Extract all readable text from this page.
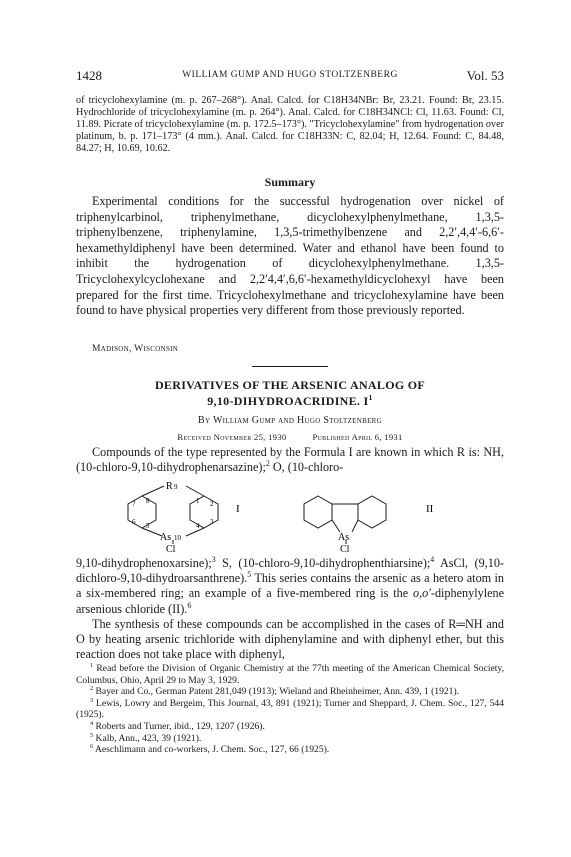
1428	WILLIAM GUMP AND HUGO STOLTZENBERG	Vol. 53
of tricyclohexylamine (m. p. 267–268°). Anal. Calcd. for C18H34NBr: Br, 23.21. Found: Br, 23.15. Hydrochloride of tricyclohexylamine (m. p. 264°). Anal. Calcd. for C18H34NCl: Cl, 11.63. Found: Cl, 11.89. Picrate of tricyclohexylamine (m. p. 172.5–173°). "Tricyclohexylamine" from hydrogenation over platinum, b. p. 171–173° (4 mm.). Anal. Calcd. for C18H33N: C, 82.04; H, 12.64. Found: C, 84.48, 84.27; H, 10.69, 10.62.
Summary
Experimental conditions for the successful hydrogenation over nickel of triphenylcarbinol, triphenylmethane, dicyclohexylphenylmethane, 1,3,5-triphenylbenzene, triphenylamine, 1,3,5-trimethylbenzene and 2,2′,4,4′-6,6′-hexamethyldiphenyl have been determined. Water and ethanol have been found to inhibit the hydrogenation of dicyclohexylphenylmethane. 1,3,5-Tricyclohexylcyclohexane and 2,2′4,4′,6,6′-hexamethyldicyclohexyl have been prepared for the first time. Tricyclohexylmethane and tricyclohexylamine have been found to have physical properties very different from those previously reported.
Madison, Wisconsin
DERIVATIVES OF THE ARSENIC ANALOG OF
9,10-DIHYDROACRIDINE. $I^1$
By William Gump and Hugo Stoltzenberg
Received November 25, 1930	Published April 6, 1931
Compounds of the type represented by the Formula I are known in which R is: NH, (10-chloro-9,10-dihydrophenarsazine);$^2$ O, (10-chloro-
R 9
7 8
6 5
1 2
4 3
As 10
Cl
I
As
Cl
II
9,10-dihydrophenoxarsine);$^3$ S, (10-chloro-9,10-dihydrophenthiarsine);$^4$ AsCl, (9,10-dichloro-9,10-dihydroarsanthrene).$^5$ This series contains the arsenic as a hetero atom in a six-membered ring; an example of a five-membered ring is the o,o′-diphenylylene arsenious chloride (II).$^6$
The synthesis of these compounds can be accomplished in the cases of R═NH and O by heating arsenic trichloride with diphenylamine and with diphenyl ether, but this reaction does not take place with diphenyl,
$^1$ Read before the Division of Organic Chemistry at the 77th meeting of the American Chemical Society, Columbus, Ohio, April 29 to May 3, 1929.
$^2$ Bayer and Co., German Patent 281,049 (1913); Wieland and Rheinheimer, Ann. 439, 1 (1921).
$^3$ Lewis, Lowry and Bergeim, This Journal, 43, 891 (1921); Turner and Sheppard, J. Chem. Soc., 127, 544 (1925).
$^4$ Roberts and Turner, ibid., 129, 1207 (1926).
$^5$ Kalb, Ann., 423, 39 (1921).
$^6$ Aeschlimann and co-workers, J. Chem. Soc., 127, 66 (1925).
